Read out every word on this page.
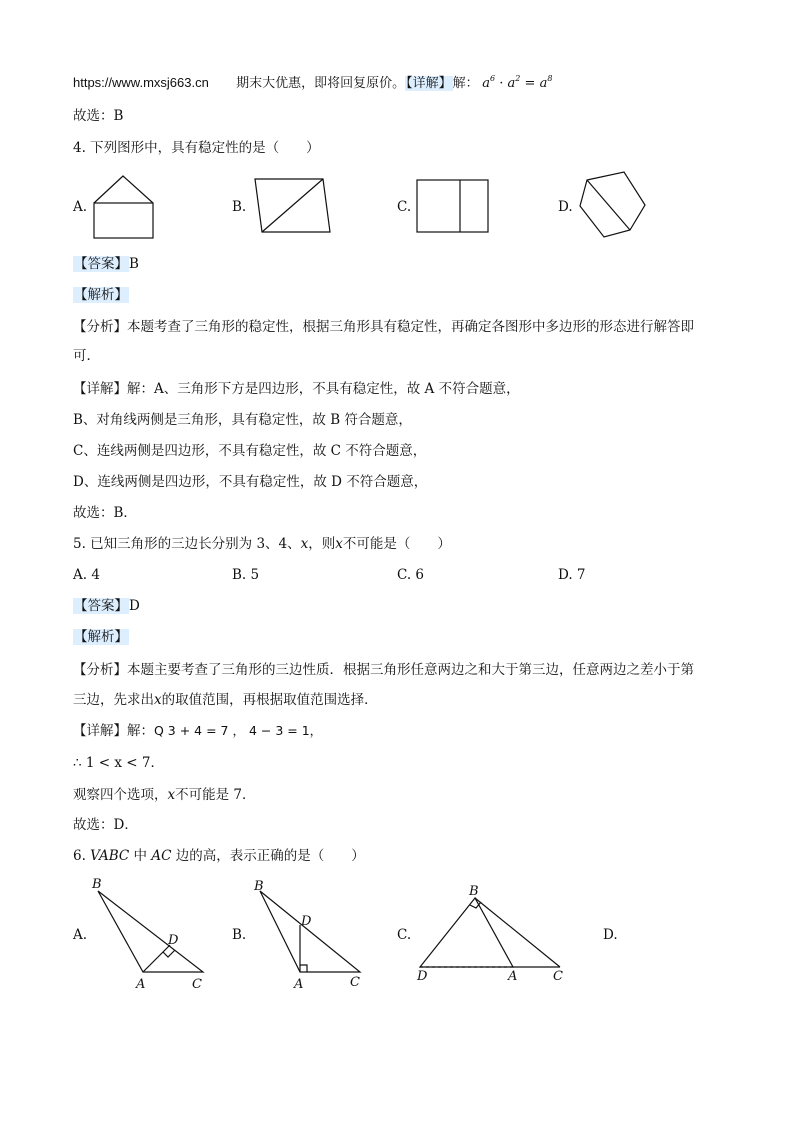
https://www.mxsj663.cn 期末大优惠，即将回复原价。【详解】解： $a^6 \cdot a^2 = a^8$
故选：B
4. 下列图形中，具有稳定性的是（　　）
A.	B.	C.	D.
【答案】B
【解析】
【分析】本题考查了三角形的稳定性，根据三角形具有稳定性，再确定各图形中多边形的形态进行解答即
可．
【详解】解：A、三角形下方是四边形，不具有稳定性，故 A 不符合题意，
B、对角线两侧是三角形，具有稳定性，故 B 符合题意，
C、连线两侧是四边形，不具有稳定性，故 C 不符合题意，
D、连线两侧是四边形，不具有稳定性，故 D 不符合题意，
故选：B．
5. 已知三角形的三边长分别为 3、4、x，则x不可能是（　　）
A. 4	B. 5	C. 6	D. 7
【答案】D
【解析】
【分析】本题主要考查了三角形的三边性质．根据三角形任意两边之和大于第三边，任意两边之差小于第
三边，先求出x的取值范围，再根据取值范围选择．
【详解】解：Q 3 + 4 = 7 ， 4 − 3 = 1，
∴ 1 < x < 7．
观察四个选项，x不可能是 7．
故选：D．
6. VABC 中 AC 边的高，表示正确的是（　　）
A.	B.	C.	D.
B
D
A	C
B
D
A	C
B
D	A	C
